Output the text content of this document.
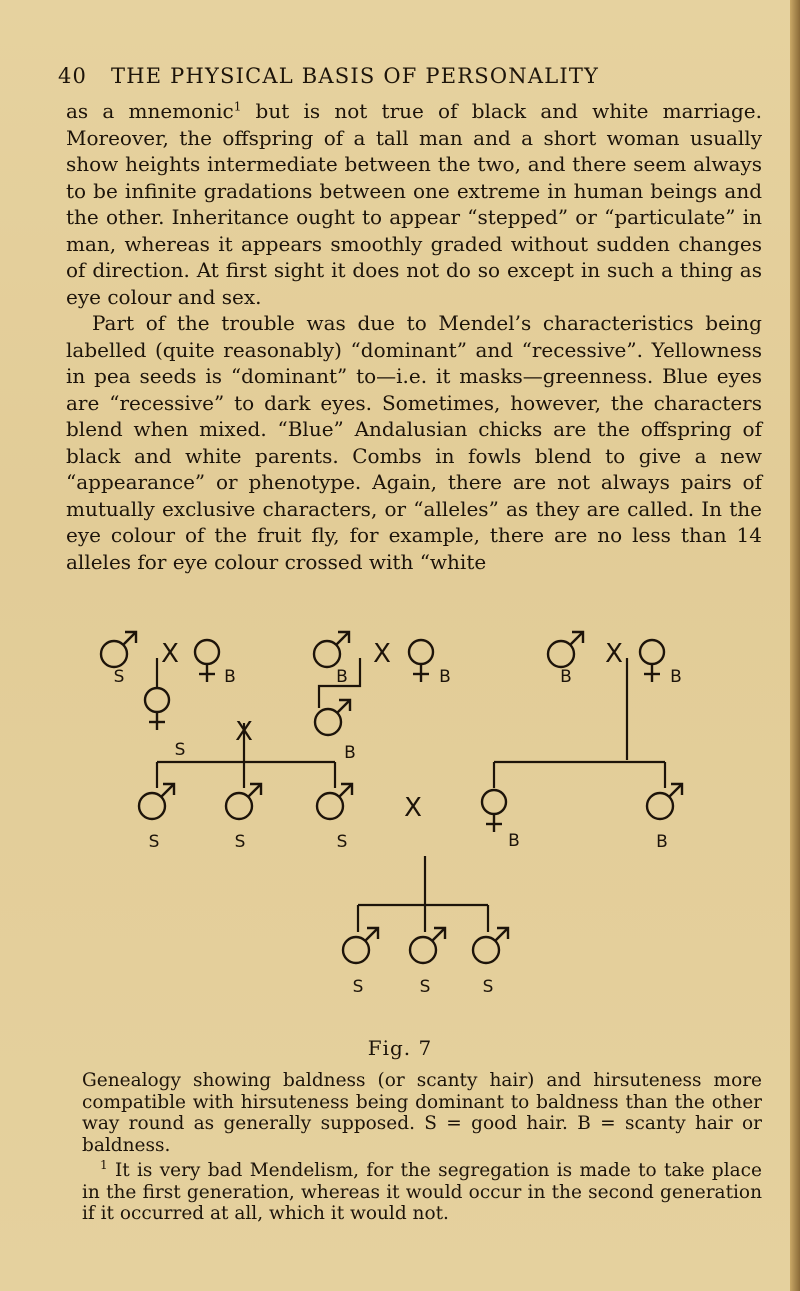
40 THE PHYSICAL BASIS OF PERSONALITY

as a mnemonic$^1$ but is not true of black and white marriage. Moreover, the offspring of a tall man and a short woman usually show heights intermediate between the two, and there seem always to be infinite gradations between one extreme in human beings and the other. Inheritance ought to appear “stepped” or “particulate” in man, whereas it appears smoothly graded without sudden changes of direction. At first sight it does not do so except in such a thing as eye colour and sex.

Part of the trouble was due to Mendel’s characteristics being labelled (quite reasonably) “dominant” and “recessive”. Yellowness in pea seeds is “dominant” to—i.e. it masks—greenness. Blue eyes are “recessive” to dark eyes. Sometimes, however, the characters blend when mixed. “Blue” Andalusian chicks are the offspring of black and white parents. Combs in fowls blend to give a new “appearance” or phenotype. Again, there are not always pairs of mutually exclusive characters, or “alleles” as they are called. In the eye colour of the fruit fly, for example, there are no less than 14 alleles for eye colour crossed with “white

X
S	B
X
B	B
X
B	B
X
S	B
X
S	S	S	B	B
S	S	S
Fig. 7

Genealogy showing baldness (or scanty hair) and hirsuteness more compatible with hirsuteness being dominant to baldness than the other way round as generally supposed. S = good hair. B = scanty hair or baldness.

$^1$ It is very bad Mendelism, for the segregation is made to take place in the first generation, whereas it would occur in the second generation if it occurred at all, which it would not.
